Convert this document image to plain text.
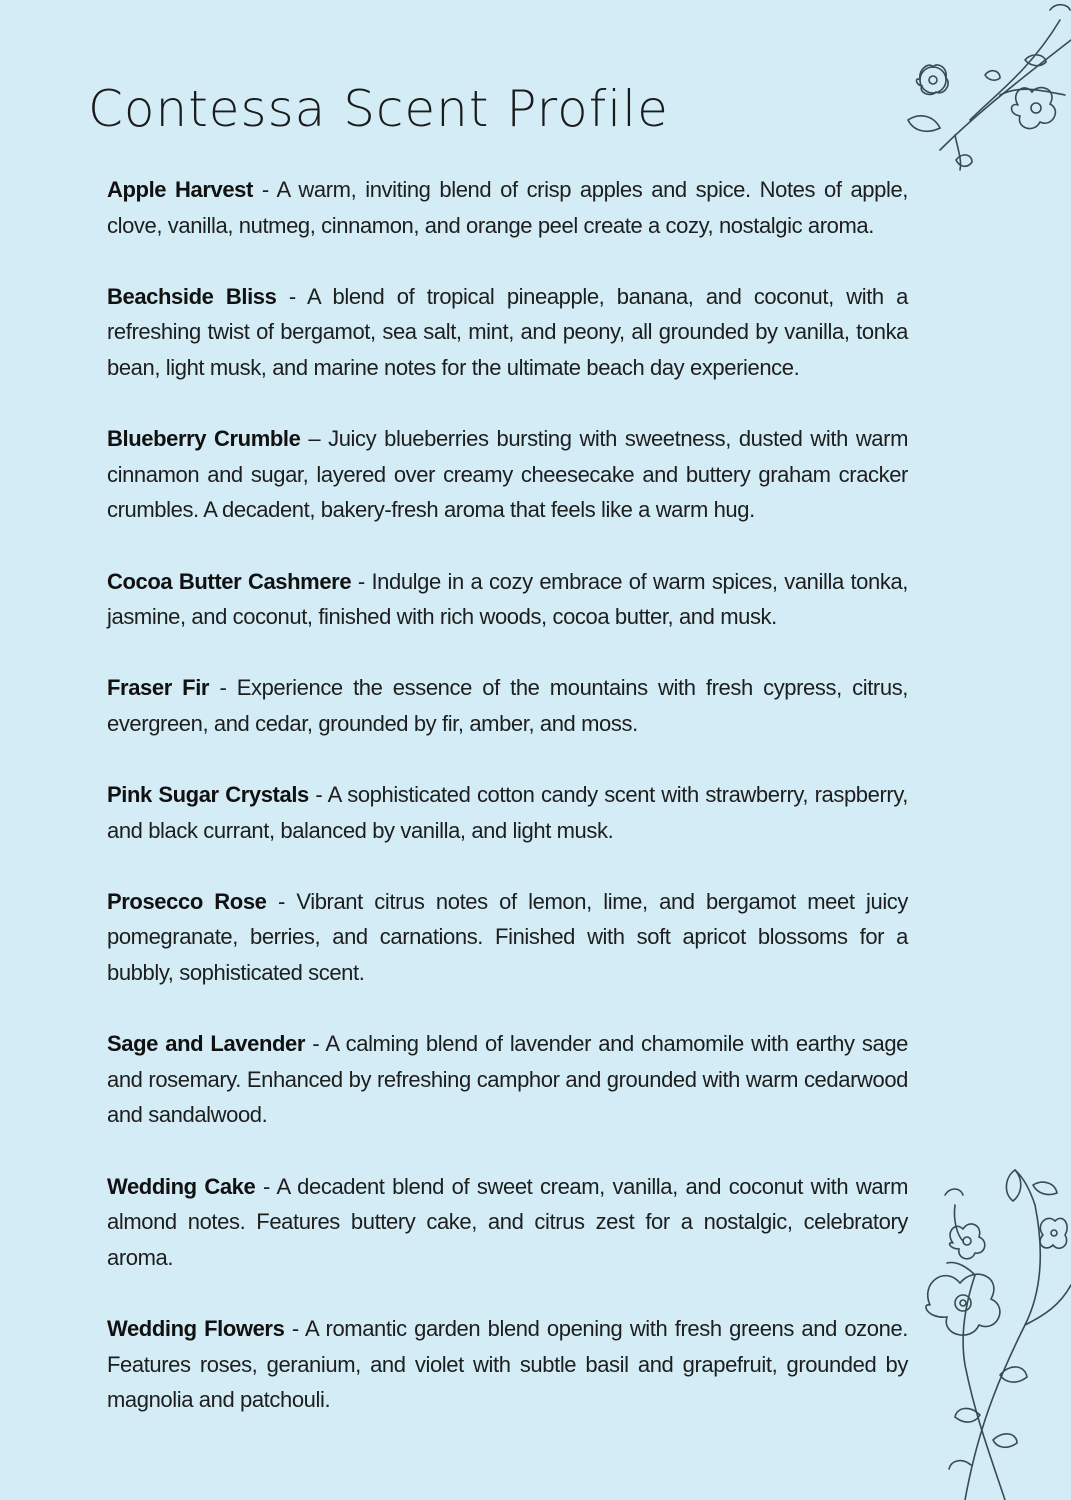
Contessa Scent Profile

Apple Harvest - A warm, inviting blend of crisp apples and spice. Notes of apple, clove, vanilla, nutmeg, cinnamon, and orange peel create a cozy, nostalgic aroma.

Beachside Bliss - A blend of tropical pineapple, banana, and coconut, with a refreshing twist of bergamot, sea salt, mint, and peony, all grounded by vanilla, tonka bean, light musk, and marine notes for the ultimate beach day experience.

Blueberry Crumble – Juicy blueberries bursting with sweetness, dusted with warm cinnamon and sugar, layered over creamy cheesecake and buttery graham cracker crumbles. A decadent, bakery-fresh aroma that feels like a warm hug.

Cocoa Butter Cashmere - Indulge in a cozy embrace of warm spices, vanilla tonka, jasmine, and coconut, finished with rich woods, cocoa butter, and musk.

Fraser Fir - Experience the essence of the mountains with fresh cypress, citrus, evergreen, and cedar, grounded by fir, amber, and moss.

Pink Sugar Crystals - A sophisticated cotton candy scent with strawberry, raspberry, and black currant, balanced by vanilla, and light musk.

Prosecco Rose - Vibrant citrus notes of lemon, lime, and bergamot meet juicy pomegranate, berries, and carnations. Finished with soft apricot blossoms for a bubbly, sophisticated scent.

Sage and Lavender - A calming blend of lavender and chamomile with earthy sage and rosemary. Enhanced by refreshing camphor and grounded with warm cedarwood and sandalwood.

Wedding Cake - A decadent blend of sweet cream, vanilla, and coconut with warm almond notes. Features buttery cake, and citrus zest for a nostalgic, celebratory aroma.

Wedding Flowers - A romantic garden blend opening with fresh greens and ozone. Features roses, geranium, and violet with subtle basil and grapefruit, grounded by magnolia and patchouli.
